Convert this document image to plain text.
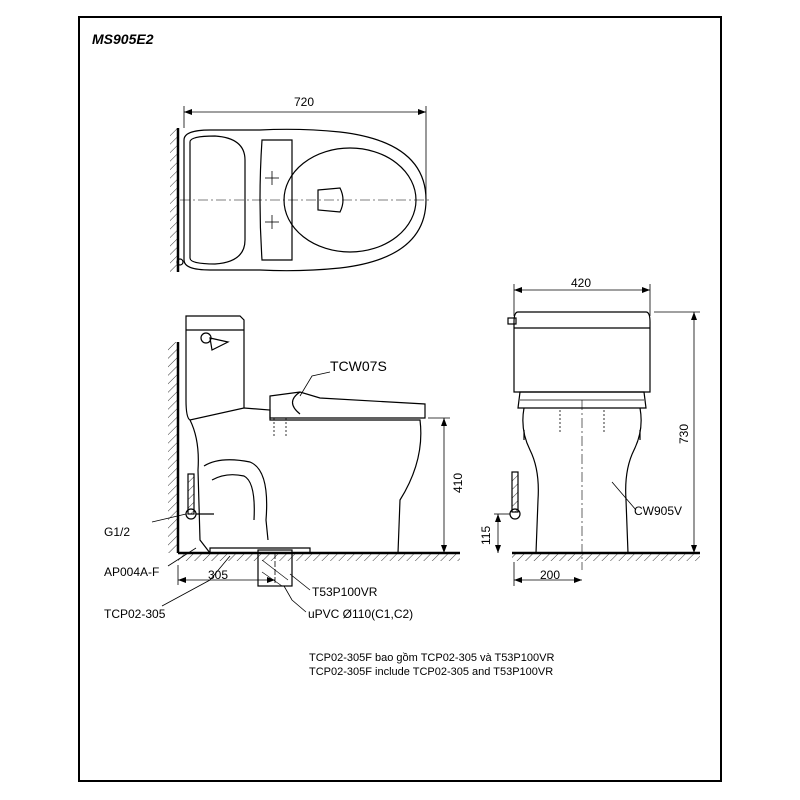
MS905E2
720
TCW07S
410
305
G1/2
AP004A-F
TCP02-305
T53P100VR
uPVC Ø110(C1,C2)
420
730
115
200
CW905V
TCP02-305F bao gồm TCP02-305 và T53P100VR
TCP02-305F include TCP02-305 and T53P100VR
